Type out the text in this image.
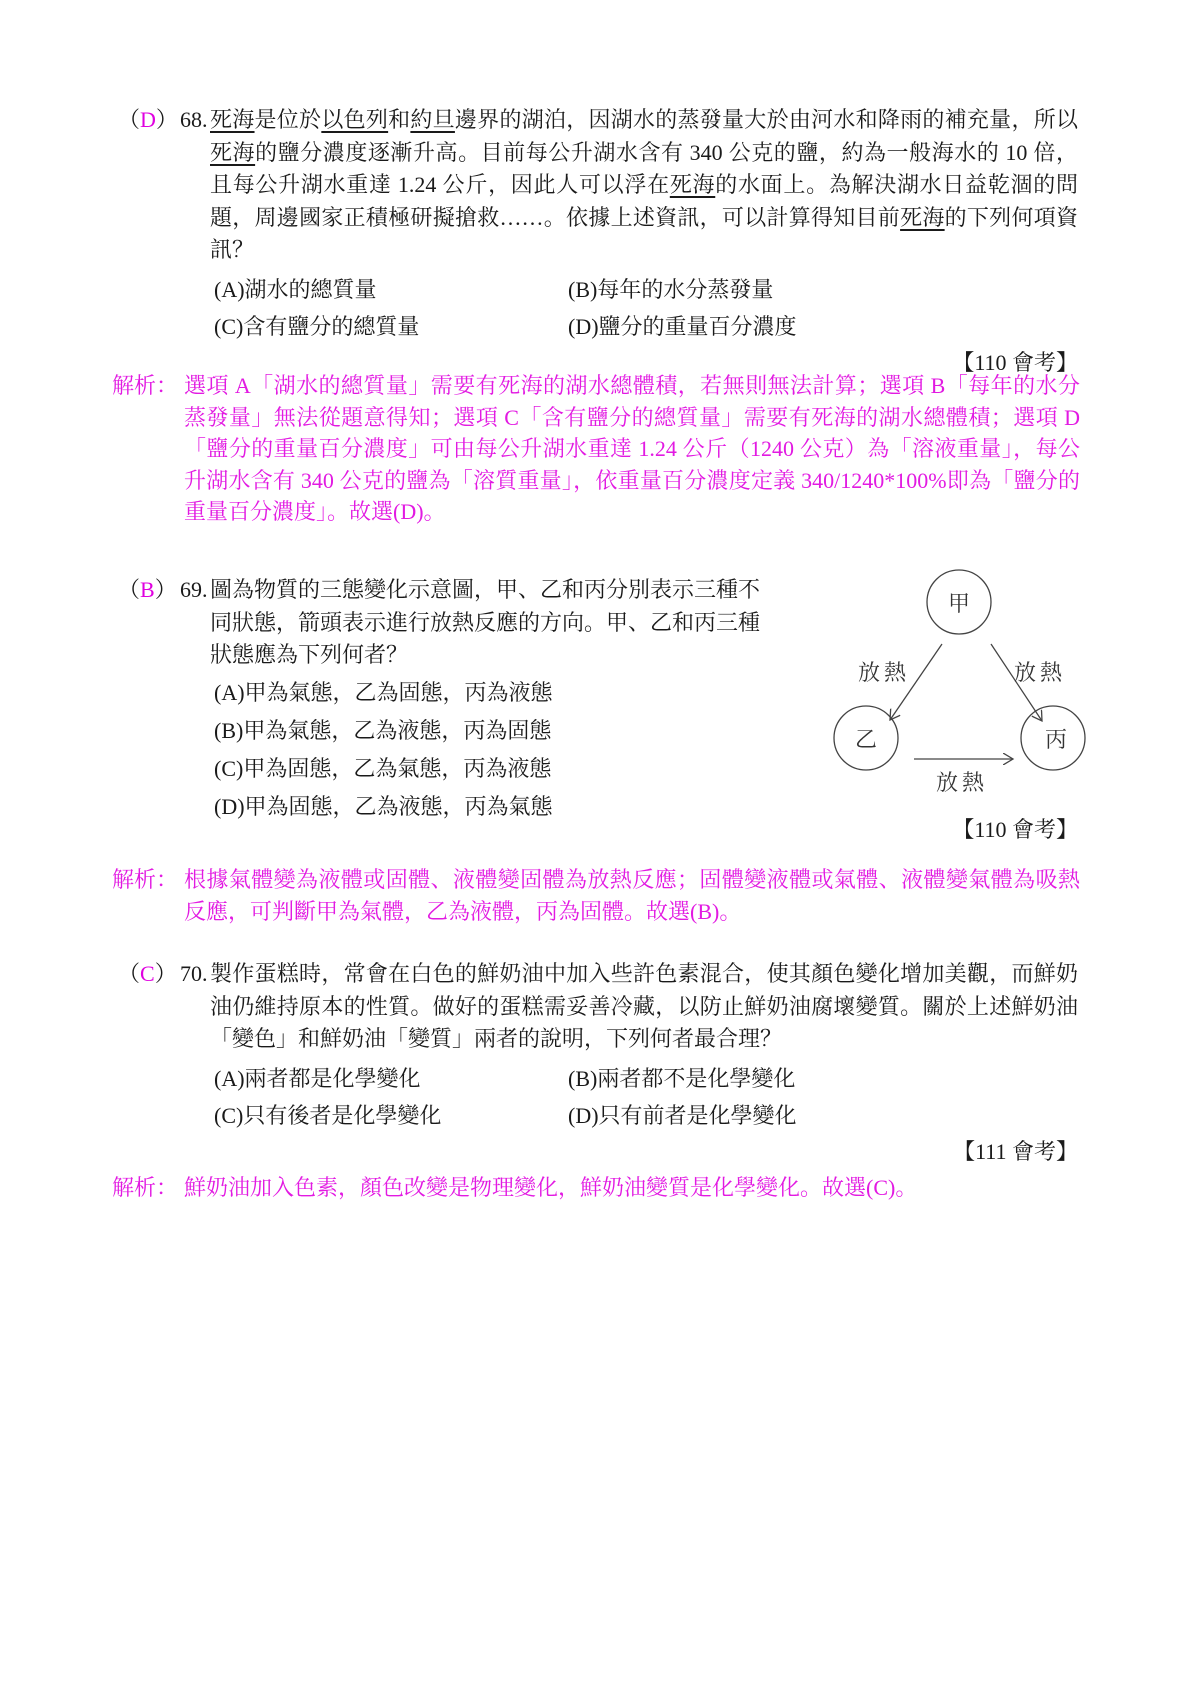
（D） 68. 死海是位於以色列和約旦邊界的湖泊，因湖水的蒸發量大於由河水和降雨的補充量，所以死海的鹽分濃度逐漸升高。目前每公升湖水含有 340 公克的鹽，約為一般海水的 10 倍，且每公升湖水重達 1.24 公斤，因此人可以浮在死海的水面上。為解決湖水日益乾涸的問題，周邊國家正積極研擬搶救……。依據上述資訊，可以計算得知目前死海的下列何項資訊？
(A)湖水的總質量	(B)每年的水分蒸發量
(C)含有鹽分的總質量	(D)鹽分的重量百分濃度
【110 會考】
解析： 選項 A「湖水的總質量」需要有死海的湖水總體積，若無則無法計算；選項 B「每年的水分蒸發量」無法從題意得知；選項 C「含有鹽分的總質量」需要有死海的湖水總體積；選項 D「鹽分的重量百分濃度」可由每公升湖水重達 1.24 公斤（1240 公克）為「溶液重量」，每公升湖水含有 340 公克的鹽為「溶質重量」，依重量百分濃度定義 340/1240*100%即為「鹽分的重量百分濃度」。故選(D)。
（B） 69. 圖為物質的三態變化示意圖，甲、乙和丙分別表示三種不
同狀態，箭頭表示進行放熱反應的方向。甲、乙和丙三種
狀態應為下列何者？
(A)甲為氣態，乙為固態，丙為液態
(B)甲為氣態，乙為液態，丙為固態
(C)甲為固態，乙為氣態，丙為液態
(D)甲為固態，乙為液態，丙為氣態
甲
乙	丙
放熱	放熱
放熱
【110 會考】
解析： 根據氣體變為液體或固體、液體變固體為放熱反應；固體變液體或氣體、液體變氣體為吸熱反應，可判斷甲為氣體，乙為液體，丙為固體。故選(B)。
（C） 70. 製作蛋糕時，常會在白色的鮮奶油中加入些許色素混合，使其顏色變化增加美觀，而鮮奶油仍維持原本的性質。做好的蛋糕需妥善冷藏，以防止鮮奶油腐壞變質。關於上述鮮奶油「變色」和鮮奶油「變質」兩者的說明，下列何者最合理？
(A)兩者都是化學變化	(B)兩者都不是化學變化
(C)只有後者是化學變化	(D)只有前者是化學變化
【111 會考】
解析： 鮮奶油加入色素，顏色改變是物理變化，鮮奶油變質是化學變化。故選(C)。
